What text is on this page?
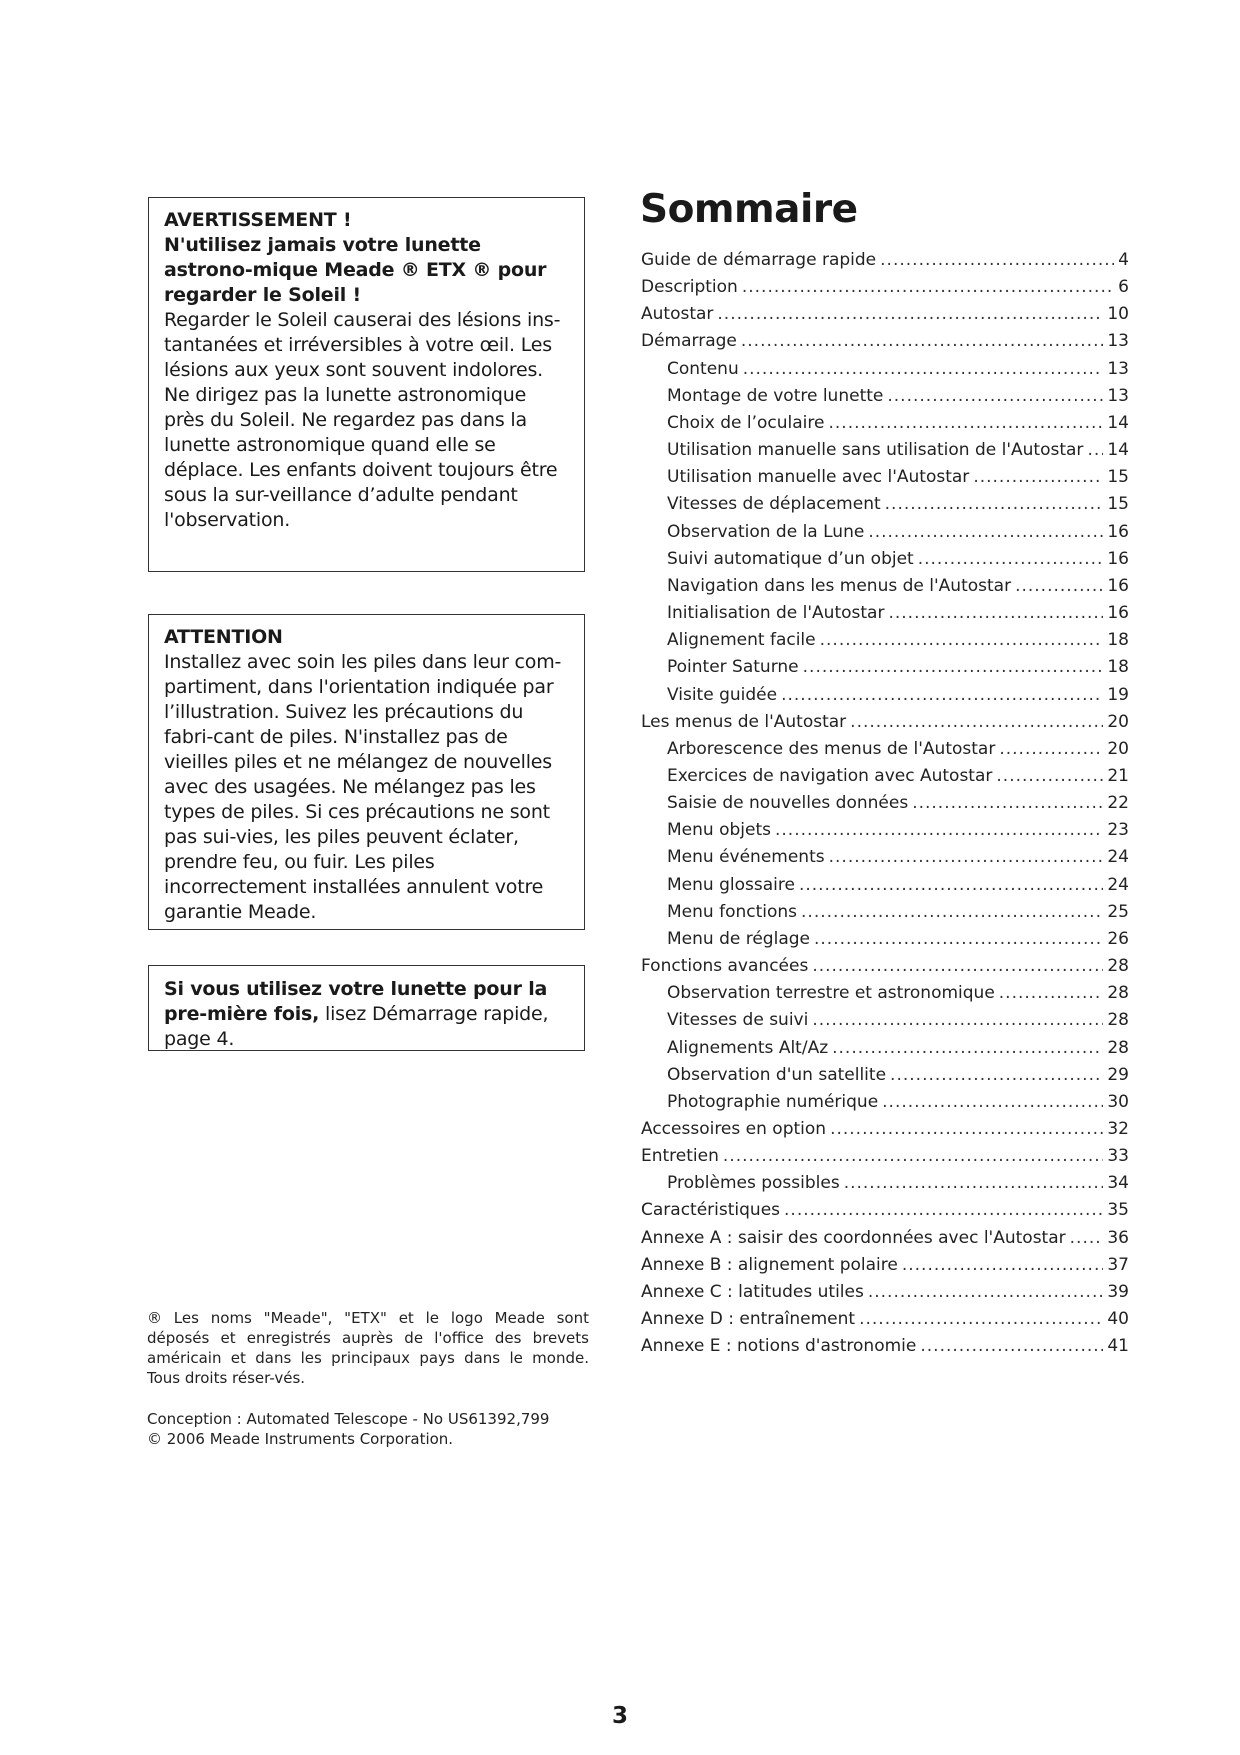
AVERTISSEMENT !

N'utilisez jamais votre lunette astrono-mique Meade ® ETX ® pour regarder le Soleil !

Regarder le Soleil causerai des lésions ins-tantanées et irréversibles à votre œil. Les lésions aux yeux sont souvent indolores. Ne dirigez pas la lunette astronomique près du Soleil. Ne regardez pas dans la lunette astronomique quand elle se déplace. Les enfants doivent toujours être sous la sur-veillance d’adulte pendant l'observation.

ATTENTION

Installez avec soin les piles dans leur com-partiment, dans l'orientation indiquée par l’illustration. Suivez les précautions du fabri-cant de piles. N'installez pas de vieilles piles et ne mélangez de nouvelles avec des usagées. Ne mélangez pas les types de piles. Si ces précautions ne sont pas sui-vies, les piles peuvent éclater, prendre feu, ou fuir. Les piles incorrectement installées annulent votre garantie Meade.

Si vous utilisez votre lunette pour la pre-mière fois, lisez Démarrage rapide, page 4.

® Les noms "Meade", "ETX" et le logo Meade sont déposés et enregistrés auprès de l'office des brevets américain et dans les principaux pays dans le monde. Tous droits réser-vés.

Conception : Automated Telescope - No US61392,799

© 2006 Meade Instruments Corporation.

Sommaire
Guide de démarrage rapide .....	4
Description .....	6
Autostar .....	10
Démarrage .....	13
Contenu .....	13
Montage de votre lunette .....	13
Choix de l’oculaire .....	14
Utilisation manuelle sans utilisation de l'Autostar ..... 14
Utilisation manuelle avec l'Autostar .....	15
Vitesses de déplacement .....	15
Observation de la Lune .....	16
Suivi automatique d’un objet .....	16
Navigation dans les menus de l'Autostar .....	16
Initialisation de l'Autostar .....	16
Alignement facile .....	18
Pointer Saturne .....	18
Visite guidée .....	19
Les menus de l'Autostar .....	20
Arborescence des menus de l'Autostar .....	20
Exercices de navigation avec Autostar .....	21
Saisie de nouvelles données .....	22
Menu objets .....	23
Menu événements .....	24
Menu glossaire .....	24
Menu fonctions .....	25
Menu de réglage .....	26
Fonctions avancées .....	28
Observation terrestre et astronomique .....	28
Vitesses de suivi .....	28
Alignements Alt/Az .....	28
Observation d'un satellite .....	29
Photographie numérique .....	30
Accessoires en option .....	32
Entretien .....	33
Problèmes possibles .....	34
Caractéristiques .....	35
Annexe A : saisir des coordonnées avec l'Autostar ..... 36
Annexe B : alignement polaire .....	37
Annexe C : latitudes utiles .....	39
Annexe D : entraînement .....	40
Annexe E : notions d'astronomie .....	41
3
